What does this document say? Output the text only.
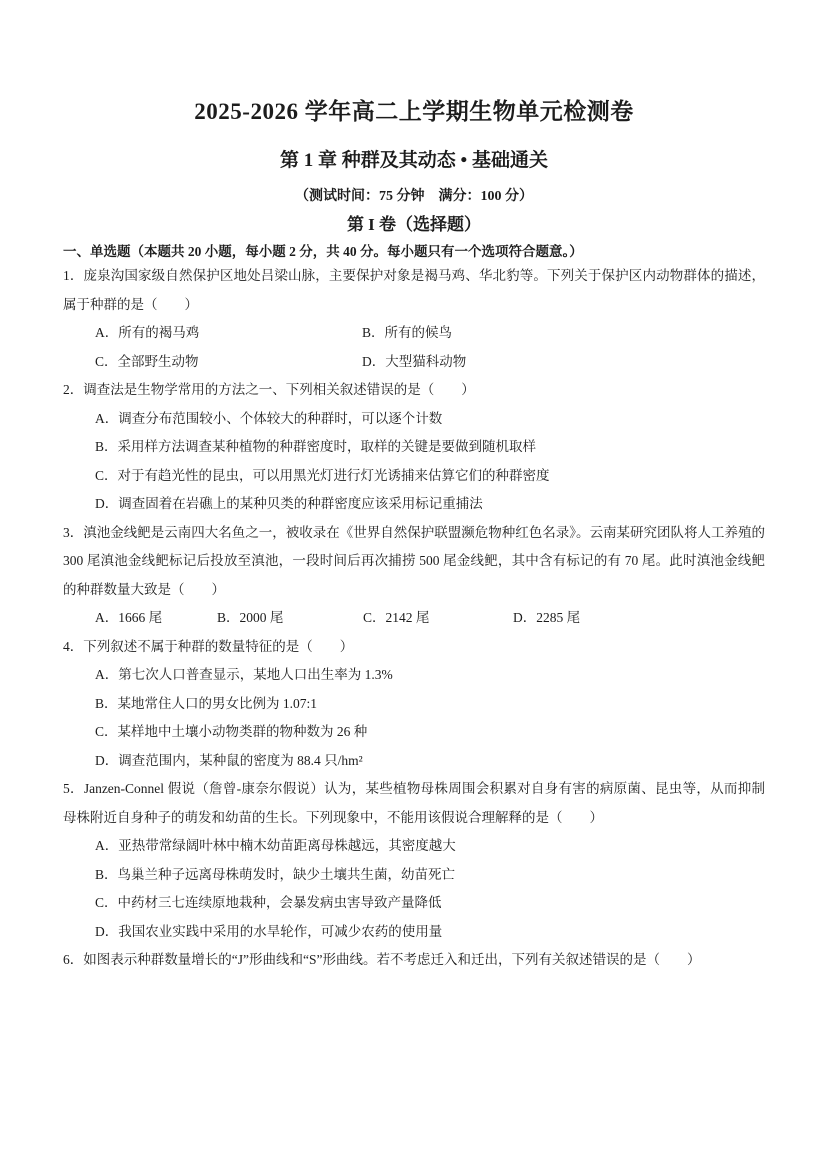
2025-2026 学年高二上学期生物单元检测卷
第 1 章 种群及其动态 • 基础通关
（测试时间：75 分钟　满分：100 分）
第 I 卷（选择题）
一、单选题（本题共 20 小题，每小题 2 分，共 40 分。每小题只有一个选项符合题意。）

1．庞泉沟国家级自然保护区地处吕梁山脉，主要保护对象是褐马鸡、华北豹等。下列关于保护区内动物群体的描述，属于种群的是（　　）

A．所有的褐马鸡	B．所有的候鸟
C．全部野生动物	D．大型猫科动物

2．调查法是生物学常用的方法之一、下列相关叙述错误的是（　　）

A．调查分布范围较小、个体较大的种群时，可以逐个计数
B．采用样方法调查某种植物的种群密度时，取样的关键是要做到随机取样
C．对于有趋光性的昆虫，可以用黑光灯进行灯光诱捕来估算它们的种群密度
D．调查固着在岩礁上的某种贝类的种群密度应该采用标记重捕法

3．滇池金线鲃是云南四大名鱼之一，被收录在《世界自然保护联盟濒危物种红色名录》。云南某研究团队将人工养殖的 300 尾滇池金线鲃标记后投放至滇池，一段时间后再次捕捞 500 尾金线鲃，其中含有标记的有 70 尾。此时滇池金线鲃的种群数量大致是（　　）

A．1666 尾	B．2000 尾	C．2142 尾	D．2285 尾

4．下列叙述不属于种群的数量特征的是（　　）

A．第七次人口普查显示，某地人口出生率为 1.3%
B．某地常住人口的男女比例为 1.07:1
C．某样地中土壤小动物类群的物种数为 26 种
D．调查范围内，某种鼠的密度为 88.4 只/hm²

5．Janzen-Connel 假说（詹曾-康奈尔假说）认为，某些植物母株周围会积累对自身有害的病原菌、昆虫等，从而抑制母株附近自身种子的萌发和幼苗的生长。下列现象中，不能用该假说合理解释的是（　　）

A．亚热带常绿阔叶林中楠木幼苗距离母株越远，其密度越大
B．鸟巢兰种子远离母株萌发时，缺少土壤共生菌，幼苗死亡
C．中药材三七连续原地栽种，会暴发病虫害导致产量降低
D．我国农业实践中采用的水旱轮作，可减少农药的使用量

6．如图表示种群数量增长的“J”形曲线和“S”形曲线。若不考虑迁入和迁出，下列有关叙述错误的是（　　）
